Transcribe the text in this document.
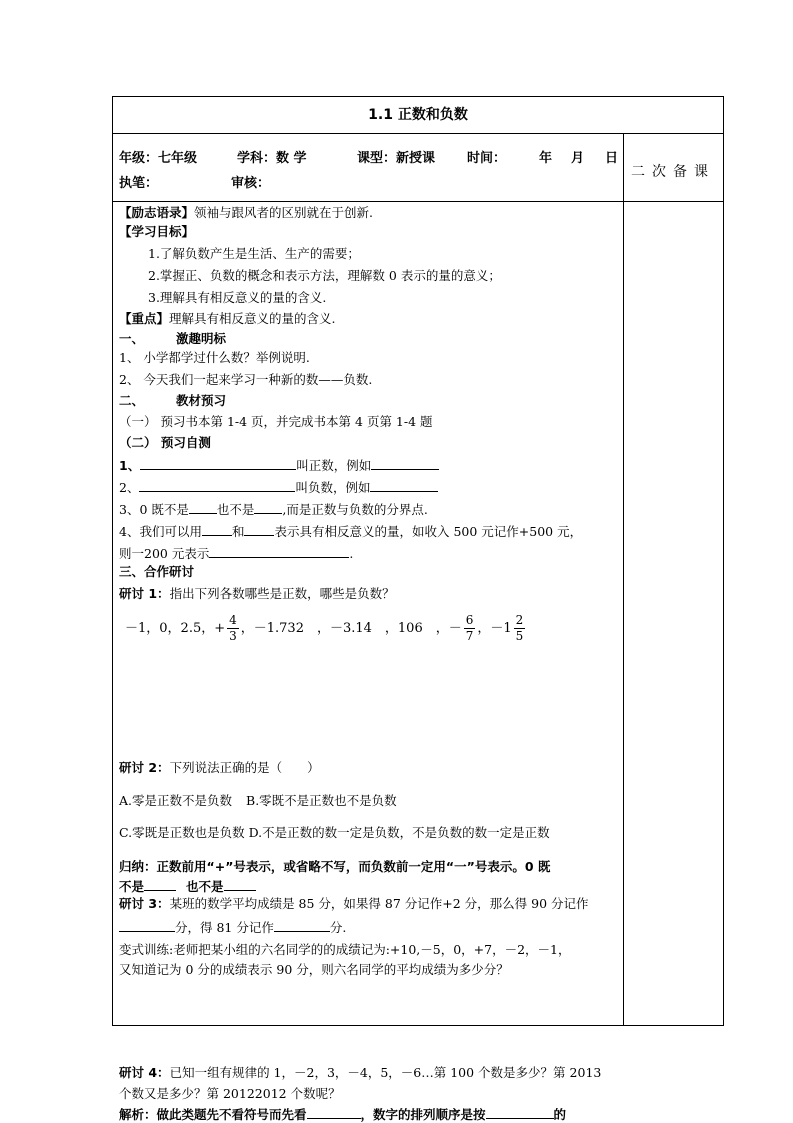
1.1 正数和负数
年级：七年级	学科：数 学	课型：新授课 时间：	年 月 日
执笔：	审核：
二次备课
【励志语录】领袖与跟风者的区别就在于创新.
【学习目标】
1.了解负数产生是生活、生产的需要；
2.掌握正、负数的概念和表示方法，理解数 0 表示的量的意义；
3.理解具有相反意义的量的含义.
【重点】理解具有相反意义的量的含义.
一、	激趣明标
1、 小学都学过什么数？举例说明.
2、 今天我们一起来学习一种新的数——负数.
二、	教材预习
（一） 预习书本第 1-4 页，并完成书本第 4 页第 1-4 题
（二） 预习自测
1、	叫正数，例如
2、	叫负数，例如
3、0 既不是 也不是 ,而是正数与负数的分界点.
4、我们可以用 和 表示具有相反意义的量，如收入 500 元记作+500 元，
则一200 元表示	.
三、合作研讨
研讨 1：指出下列各数哪些是正数，哪些是负数？
－1，0，2.5，+ $\frac{4}{3}$ ，－1.732　，－3.14　，106　，－ $\frac{6}{7}$ ，$-1 \frac{2}{5}$
研讨 2：下列说法正确的是（　　）
A.零是正数不是负数 B.零既不是正数也不是负数
C.零既是正数也是负数 D.不是正数的数一定是负数，不是负数的数一定是正数
归纳：正数前用“+”号表示，或省略不写，而负数前一定用“一”号表示。0 既
不是	也不是
研讨 3：某班的数学平均成绩是 85 分，如果得 87 分记作+2 分，那么得 90 分记作
分，得 81 分记作	分.
变式训练:老师把某小组的六名同学的的成绩记为:+10,－5，0，+7，－2，－1，
又知道记为 0 分的成绩表示 90 分，则六名同学的平均成绩为多少分？
研讨 4：已知一组有规律的 1，－2，3，－4，5，－6…第 100 个数是多少？第 2013
个数又是多少？第 20122012 个数呢？
解析：做此类题先不看符号而先看	，数字的排列顺序是按	的
